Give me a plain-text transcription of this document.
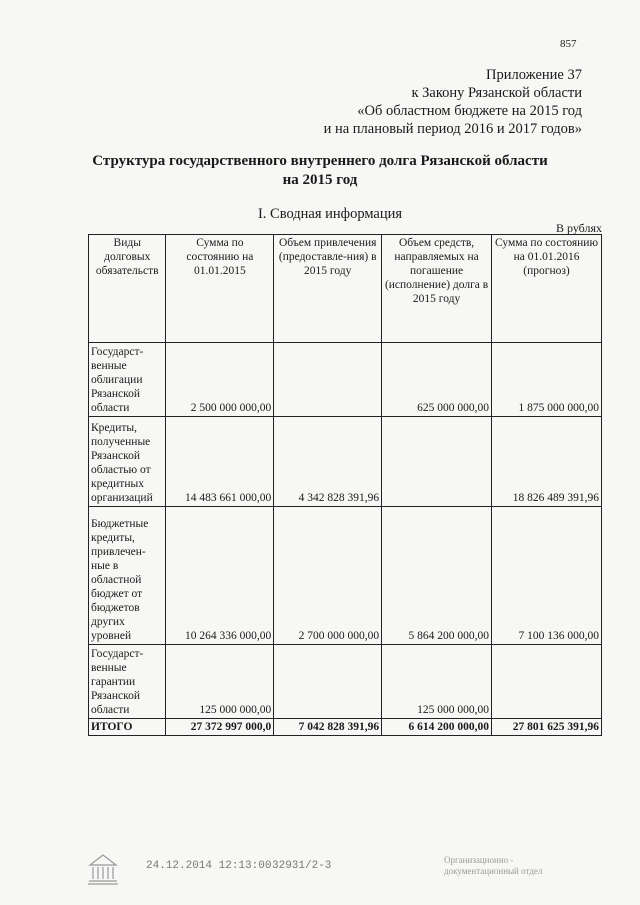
857
Приложение 37
к Закону Рязанской области
«Об областном бюджете на 2015 год
и на плановый период 2016 и 2017 годов»
Структура государственного внутреннего долга Рязанской области
на 2015 год
I. Сводная информация
В рублях
Виды долговых обязательств	Сумма по состоянию на 01.01.2015	Объем привлечения (предоставле-ния) в 2015 году	Объем средств, направляемых на погашение (исполнение) долга в 2015 году	Сумма по состоянию на 01.01.2016 (прогноз)
Государст-венные облигации Рязанской области	2 500 000 000,00		625 000 000,00	1 875 000 000,00
Кредиты, полученные Рязанской областью от кредитных организаций	14 483 661 000,00	4 342 828 391,96		18 826 489 391,96
Бюджетные кредиты, привлечен-ные в областной бюджет от бюджетов других уровней	10 264 336 000,00	2 700 000 000,00	5 864 200 000,00	7 100 136 000,00
Государст-венные гарантии Рязанской области	125 000 000,00		125 000 000,00	
ИТОГО	27 372 997 000,0	7 042 828 391,96	6 614 200 000,00	27 801 625 391,96
24.12.2014 12:13:00 32931/2-3	Организационно -
документационный отдел
